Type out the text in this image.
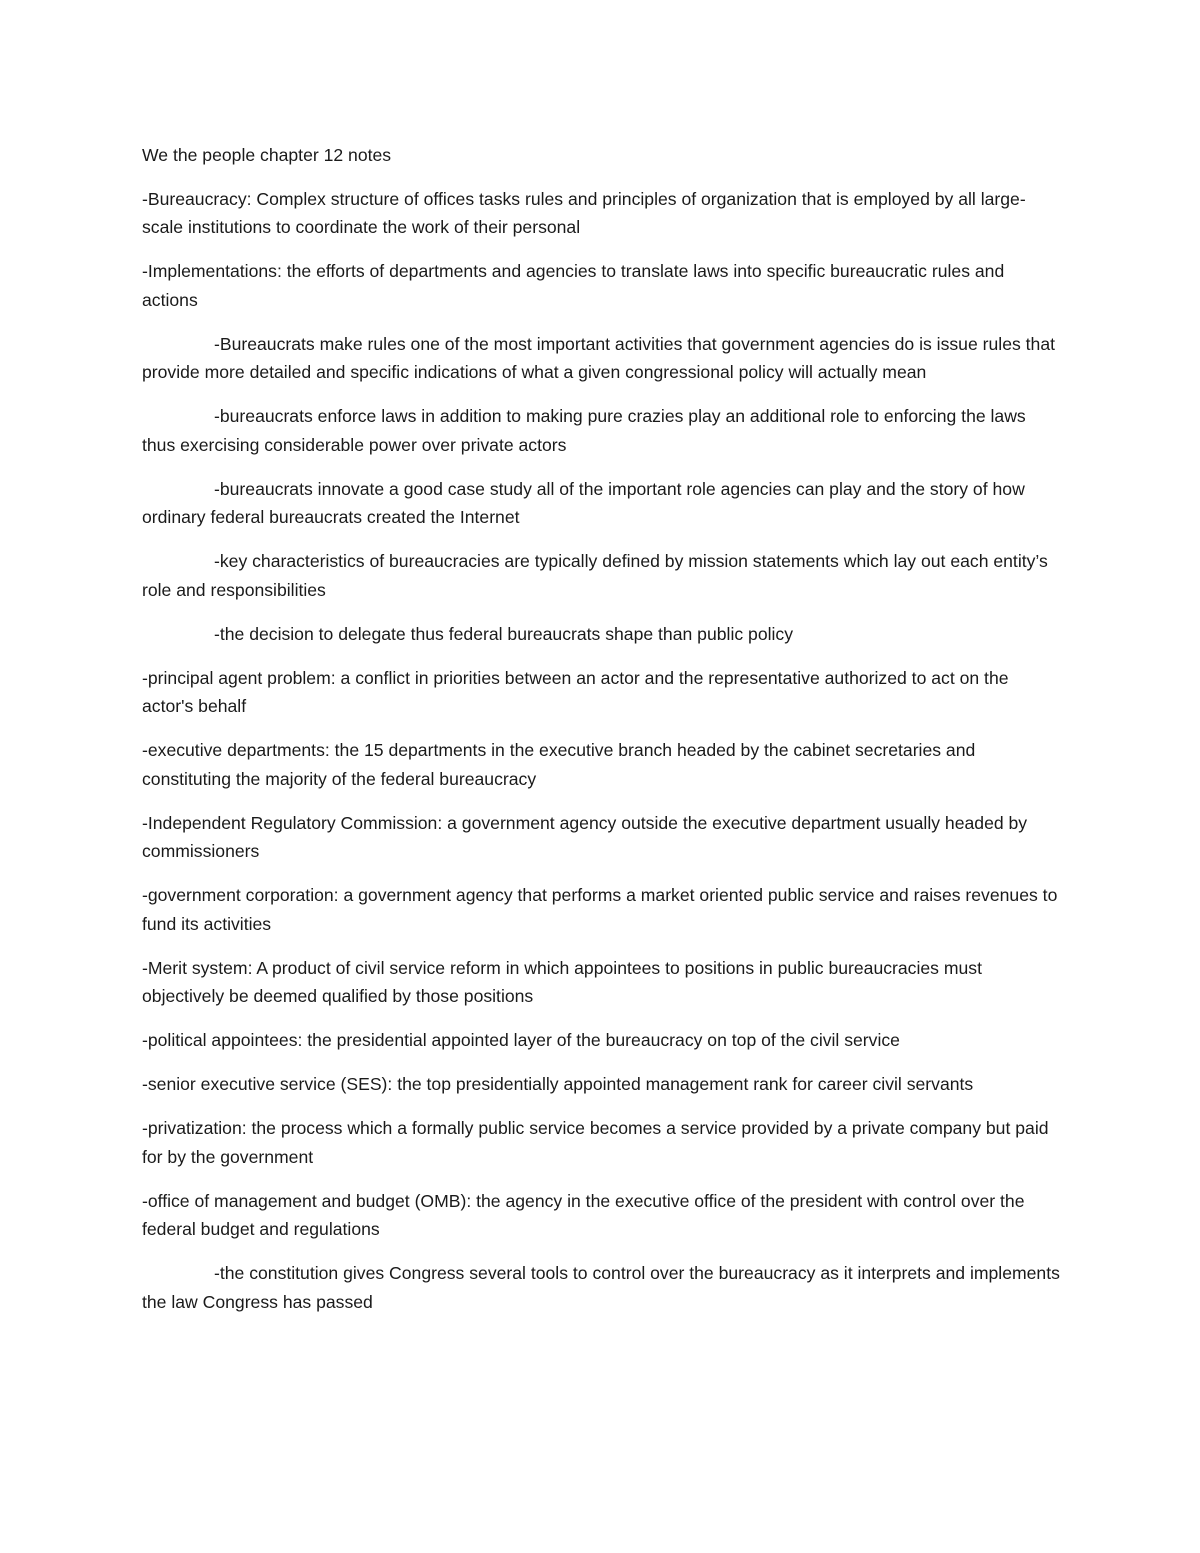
We the people chapter 12 notes

-Bureaucracy: Complex structure of offices tasks rules and principles of organization that is employed by all large-scale institutions to coordinate the work of their personal

-Implementations: the efforts of departments and agencies to translate laws into specific bureaucratic rules and actions

-Bureaucrats make rules one of the most important activities that government agencies do is issue rules that provide more detailed and specific indications of what a given congressional policy will actually mean

-bureaucrats enforce laws in addition to making pure crazies play an additional role to enforcing the laws thus exercising considerable power over private actors

-bureaucrats innovate a good case study all of the important role agencies can play and the story of how ordinary federal bureaucrats created the Internet

-key characteristics of bureaucracies are typically defined by mission statements which lay out each entity’s role and responsibilities

-the decision to delegate thus federal bureaucrats shape than public policy

-principal agent problem: a conflict in priorities between an actor and the representative authorized to act on the actor's behalf

-executive departments: the 15 departments in the executive branch headed by the cabinet secretaries and constituting the majority of the federal bureaucracy

-Independent Regulatory Commission: a government agency outside the executive department usually headed by commissioners

-government corporation: a government agency that performs a market oriented public service and raises revenues to fund its activities

-Merit system: A product of civil service reform in which appointees to positions in public bureaucracies must objectively be deemed qualified by those positions

-political appointees: the presidential appointed layer of the bureaucracy on top of the civil service

-senior executive service (SES): the top presidentially appointed management rank for career civil servants

-privatization: the process which a formally public service becomes a service provided by a private company but paid for by the government

-office of management and budget (OMB): the agency in the executive office of the president with control over the federal budget and regulations

-the constitution gives Congress several tools to control over the bureaucracy as it interprets and implements the law Congress has passed
